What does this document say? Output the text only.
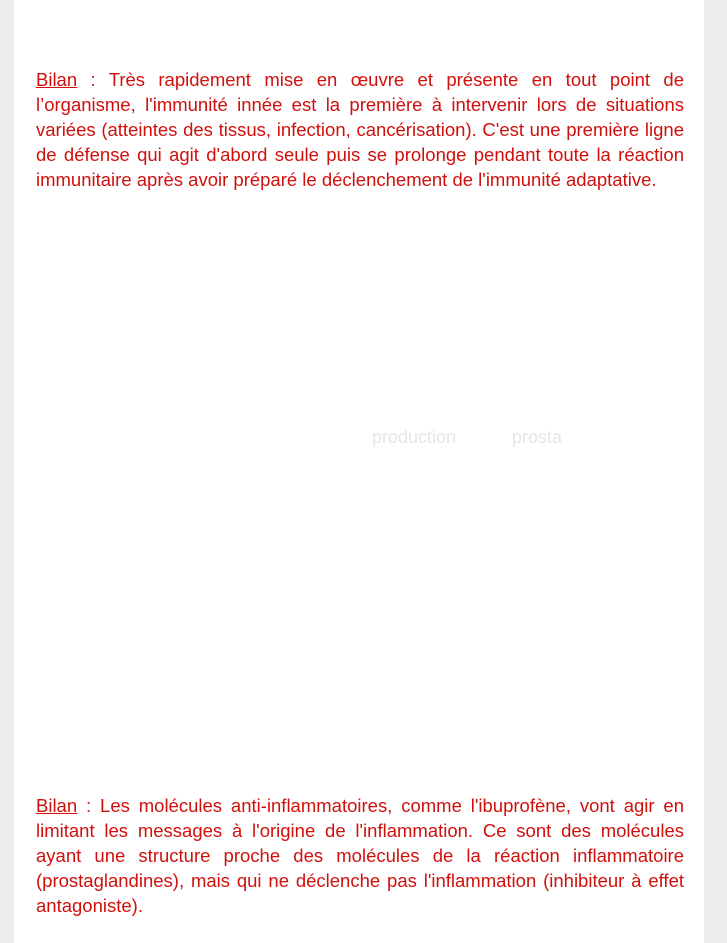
Bilan : Très rapidement mise en œuvre et présente en tout point de l’organisme, l'immunité innée est la première à intervenir lors de situations variées (atteintes des tissus, infection, cancérisation). C'est une première ligne de défense qui agit d'abord seule puis se prolonge pendant toute la réaction immunitaire après avoir préparé le déclenchement de l'immunité adaptative.

production	prosta

Bilan : Les molécules anti-inflammatoires, comme l'ibuprofène, vont agir en limitant les messages à l'origine de l'inflammation. Ce sont des molécules ayant une structure proche des molécules de la réaction inflammatoire (prostaglandines), mais qui ne déclenche pas l'inflammation (inhibiteur à effet antagoniste).
